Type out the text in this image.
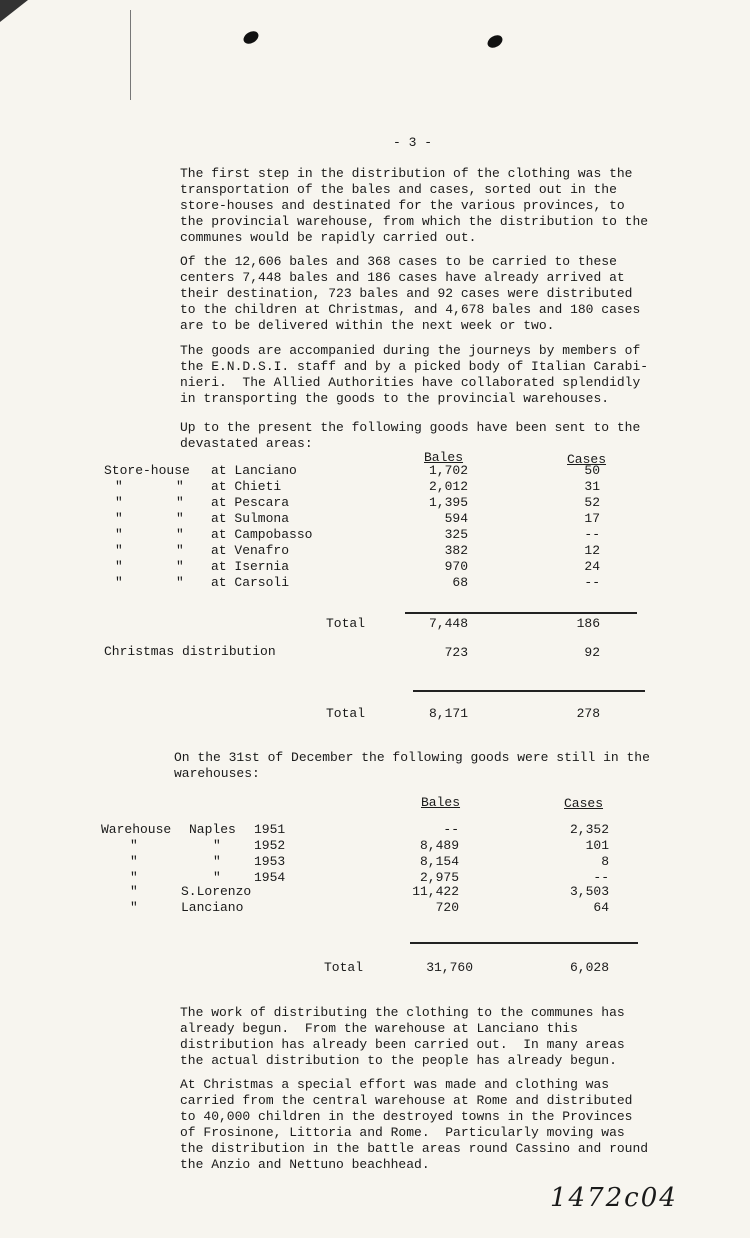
- 3 -
The first step in the distribution of the clothing was the
transportation of the bales and cases, sorted out in the
store-houses and destinated for the various provinces, to
the provincial warehouse, from which the distribution to the
communes would be rapidly carried out.
Of the 12,606 bales and 368 cases to be carried to these
centers 7,448 bales and 186 cases have already arrived at
their destination, 723 bales and 92 cases were distributed
to the children at Christmas, and 4,678 bales and 180 cases
are to be delivered within the next week or two.
The goods are accompanied during the journeys by members of
the E.N.D.S.I. staff and by a picked body of Italian Carabi-
nieri.  The Allied Authorities have collaborated splendidly
in transporting the goods to the provincial warehouses.
Up to the present the following goods have been sent to the
devastated areas:
Bales	Cases
Store-house at Lanciano	1,702	50
"	" at Chieti	2,012	31
"	" at Pescara	1,395	52
"	" at Sulmona	594	17
"	" at Campobasso	325	--
"	" at Venafro	382	12
"	" at Isernia	970	24
"	" at Carsoli	68	--
Total	7,448	186
Christmas distribution	723	92
Total	8,171	278
On the 31st of December the following goods were still in the
warehouses:
Bales	Cases
Warehouse Naples 1951	--	2,352
"	"	1952	8,489	101
"	"	1953	8,154	8
"	"	1954	2,975	--
"	S.Lorenzo	11,422	3,503
"	Lanciano	720	64
Total	31,760	6,028
The work of distributing the clothing to the communes has
already begun.  From the warehouse at Lanciano this
distribution has already been carried out.  In many areas
the actual distribution to the people has already begun.
At Christmas a special effort was made and clothing was
carried from the central warehouse at Rome and distributed
to 40,000 children in the destroyed towns in the Provinces
of Frosinone, Littoria and Rome.  Particularly moving was
the distribution in the battle areas round Cassino and round
the Anzio and Nettuno beachhead.
1472c04
